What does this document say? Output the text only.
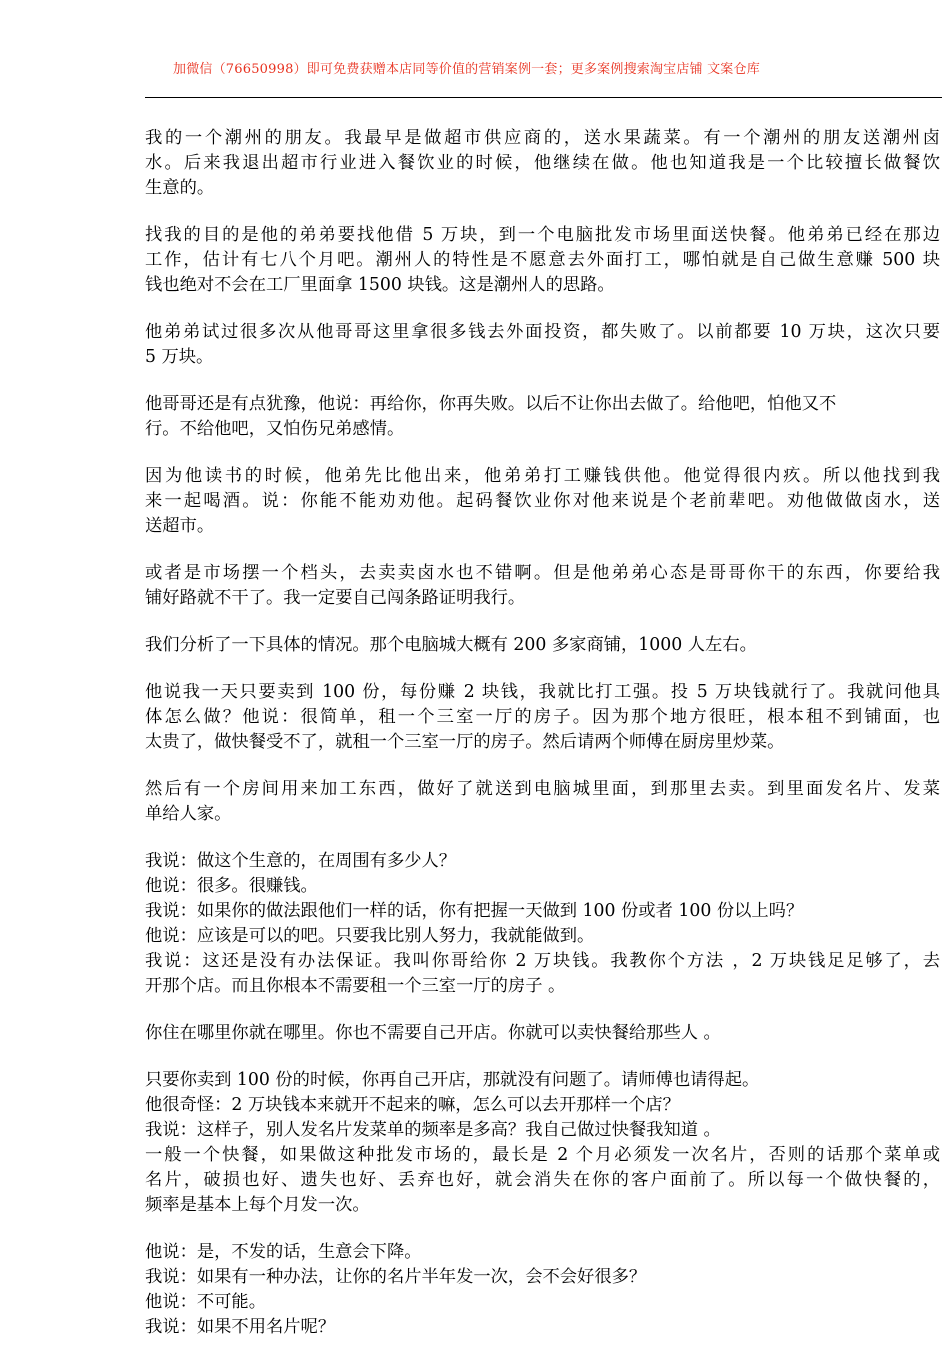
加微信（76650998）即可免费获赠本店同等价值的营销案例一套；更多案例搜索淘宝店铺 文案仓库
我的一个潮州的朋友。我最早是做超市供应商的，送水果蔬菜。有一个潮州的朋友送潮州卤
水。后来我退出超市行业进入餐饮业的时候，他继续在做。他也知道我是一个比较擅长做餐饮
生意的。
找我的目的是他的弟弟要找他借 5 万块，到一个电脑批发市场里面送快餐。他弟弟已经在那边
工作，估计有七八个月吧。潮州人的特性是不愿意去外面打工，哪怕就是自己做生意赚 500 块
钱也绝对不会在工厂里面拿 1500 块钱。这是潮州人的思路。
他弟弟试过很多次从他哥哥这里拿很多钱去外面投资，都失败了。以前都要 10 万块，这次只要
5 万块。
他哥哥还是有点犹豫，他说：再给你，你再失败。以后不让你出去做了。给他吧，怕他又不
行。不给他吧，又怕伤兄弟感情。
因为他读书的时候，他弟先比他出来，他弟弟打工赚钱供他。他觉得很内疚。所以他找到我
来一起喝酒。说：你能不能劝劝他。起码餐饮业你对他来说是个老前辈吧。劝他做做卤水，送
送超市。
或者是市场摆一个档头，去卖卖卤水也不错啊。但是他弟弟心态是哥哥你干的东西，你要给我
铺好路就不干了。我一定要自己闯条路证明我行。
我们分析了一下具体的情况。那个电脑城大概有 200 多家商铺，1000 人左右。
他说我一天只要卖到 100 份，每份赚 2 块钱，我就比打工强。投 5 万块钱就行了。我就问他具
体怎么做？他说：很简单，租一个三室一厅的房子。因为那个地方很旺，根本租不到铺面，也
太贵了，做快餐受不了，就租一个三室一厅的房子。然后请两个师傅在厨房里炒菜。
然后有一个房间用来加工东西，做好了就送到电脑城里面，到那里去卖。到里面发名片、发菜
单给人家。
我说：做这个生意的，在周围有多少人？
他说：很多。很赚钱。
我说：如果你的做法跟他们一样的话，你有把握一天做到 100 份或者 100 份以上吗？
他说：应该是可以的吧。只要我比别人努力，我就能做到。
我说：这还是没有办法保证。我叫你哥给你 2 万块钱。我教你个方法 ，2 万块钱足足够了，去
开那个店。而且你根本不需要租一个三室一厅的房子 。
你住在哪里你就在哪里。你也不需要自己开店。你就可以卖快餐给那些人 。
只要你卖到 100 份的时候，你再自己开店，那就没有问题了。请师傅也请得起。
他很奇怪：2 万块钱本来就开不起来的嘛，怎么可以去开那样一个店？
我说：这样子，别人发名片发菜单的频率是多高？我自己做过快餐我知道 。
一般一个快餐，如果做这种批发市场的，最长是 2 个月必须发一次名片，否则的话那个菜单或
名片，破损也好、遗失也好、丢弃也好，就会消失在你的客户面前了。所以每一个做快餐的，
频率是基本上每个月发一次。
他说：是，不发的话，生意会下降。
我说：如果有一种办法，让你的名片半年发一次，会不会好很多？
他说：不可能。
我说：如果不用名片呢？
